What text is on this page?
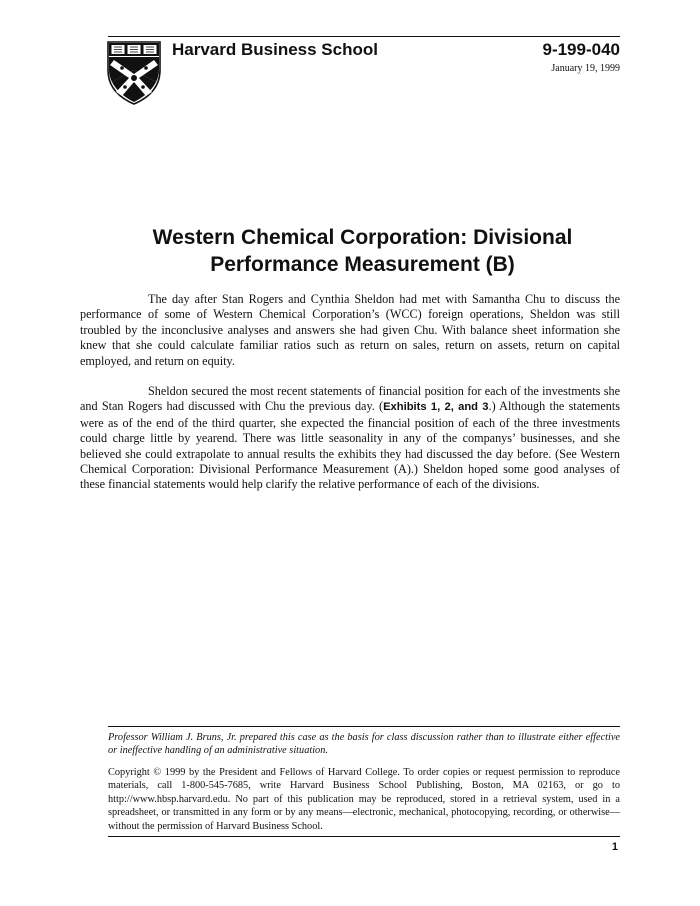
Harvard Business School	9-199-040
January 19, 1999
Western Chemical Corporation: Divisional
Performance Measurement (B)

The day after Stan Rogers and Cynthia Sheldon had met with Samantha Chu to discuss the performance of some of Western Chemical Corporation’s (WCC) foreign operations, Sheldon was still troubled by the inconclusive analyses and answers she had given Chu. With balance sheet information she knew that she could calculate familiar ratios such as return on sales, return on assets, return on capital employed, and return on equity.

Sheldon secured the most recent statements of financial position for each of the investments she and Stan Rogers had discussed with Chu the previous day. (Exhibits 1, 2, and 3.) Although the statements were as of the end of the third quarter, she expected the financial position of each of the three investments could charge little by yearend. There was little seasonality in any of the companys’ businesses, and she believed she could extrapolate to annual results the exhibits they had discussed the day before. (See Western Chemical Corporation: Divisional Performance Measurement (A).) Sheldon hoped some good analyses of these financial statements would help clarify the relative performance of each of the divisions.

Professor William J. Bruns, Jr. prepared this case as the basis for class discussion rather than to illustrate either effective or ineffective handling of an administrative situation.
Copyright © 1999 by the President and Fellows of Harvard College. To order copies or request permission to reproduce materials, call 1-800-545-7685, write Harvard Business School Publishing, Boston, MA 02163, or go to http://www.hbsp.harvard.edu. No part of this publication may be reproduced, stored in a retrieval system, used in a spreadsheet, or transmitted in any form or by any means—electronic, mechanical, photocopying, recording, or otherwise—without the permission of Harvard Business School.
1
